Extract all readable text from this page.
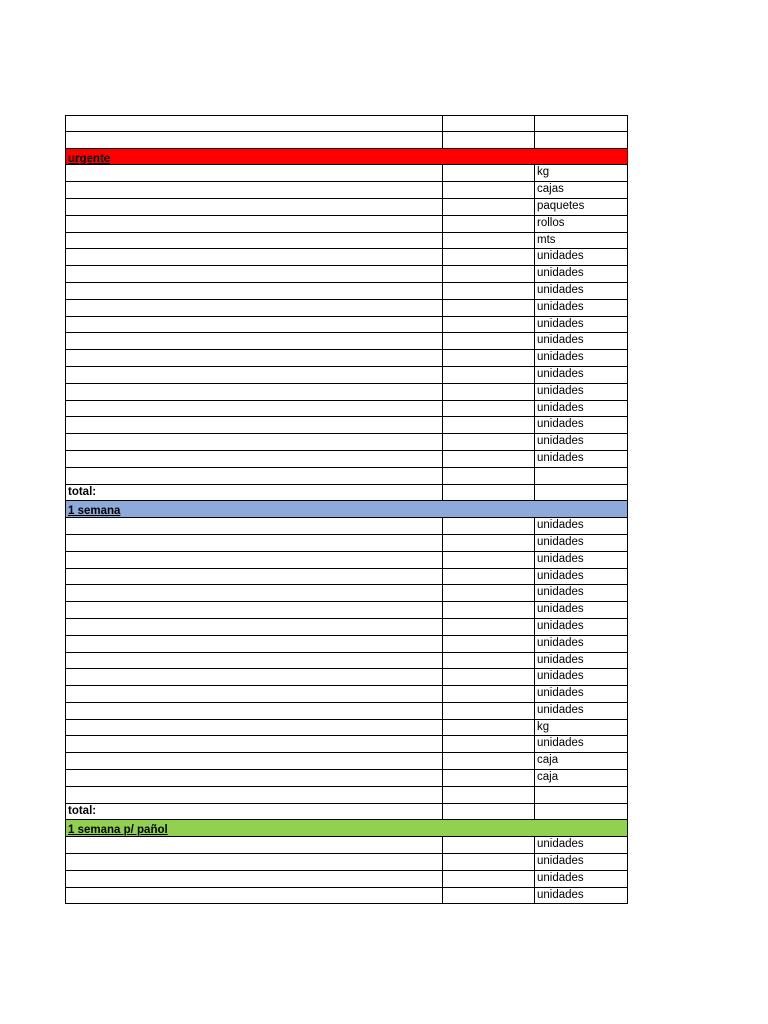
urgente
kg
cajas
paquetes
rollos
mts
unidades
unidades
unidades
unidades
unidades
unidades
unidades
unidades
unidades
unidades
unidades
unidades
unidades
total:
1 semana
unidades
unidades
unidades
unidades
unidades
unidades
unidades
unidades
unidades
unidades
unidades
unidades
kg
unidades
caja
caja
total:
1 semana p/ pañol
unidades
unidades
unidades
unidades
